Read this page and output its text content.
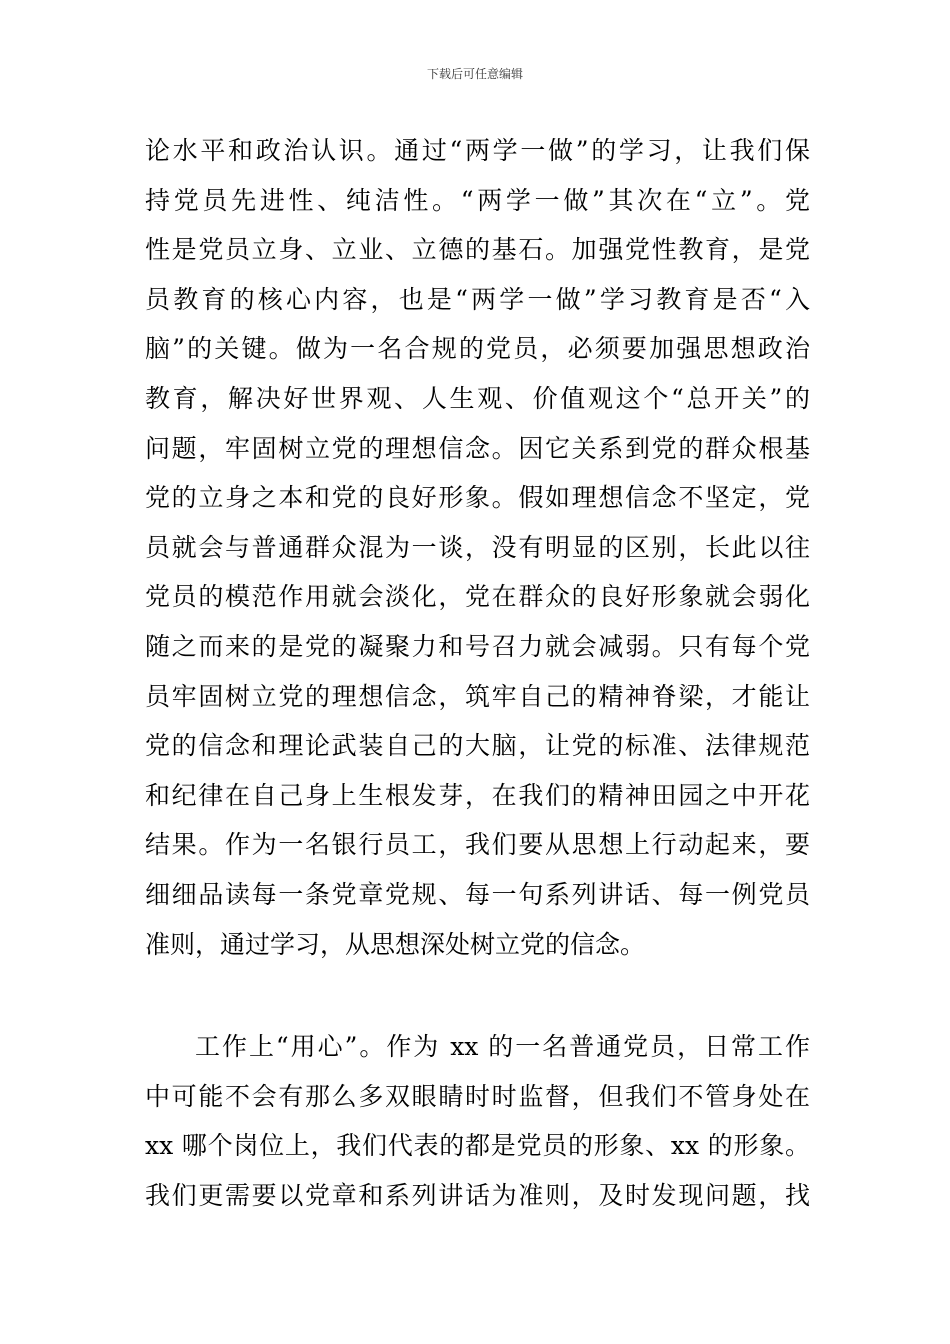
下载后可任意编辑
论水平和政治认识。通过“两学一做”的学习，让我们保
持党员先进性、纯洁性。“两学一做”其次在“立”。党
性是党员立身、立业、立德的基石。加强党性教育，是党
员教育的核心内容，也是“两学一做”学习教育是否“入
脑”的关键。做为一名合规的党员，必须要加强思想政治
教育，解决好世界观、人生观、价值观这个“总开关”的
问题，牢固树立党的理想信念。因它关系到党的群众根基
党的立身之本和党的良好形象。假如理想信念不坚定，党
员就会与普通群众混为一谈，没有明显的区别，长此以往
党员的模范作用就会淡化，党在群众的良好形象就会弱化
随之而来的是党的凝聚力和号召力就会减弱。只有每个党
员牢固树立党的理想信念，筑牢自己的精神脊梁，才能让
党的信念和理论武装自己的大脑，让党的标准、法律规范
和纪律在自己身上生根发芽，在我们的精神田园之中开花
结果。作为一名银行员工，我们要从思想上行动起来，要
细细品读每一条党章党规、每一句系列讲话、每一例党员
准则，通过学习，从思想深处树立党的信念。
工作上“用心”。作为 xx 的一名普通党员，日常工作
中可能不会有那么多双眼睛时时监督，但我们不管身处在
xx 哪个岗位上，我们代表的都是党员的形象、xx 的形象。
我们更需要以党章和系列讲话为准则，及时发现问题，找
